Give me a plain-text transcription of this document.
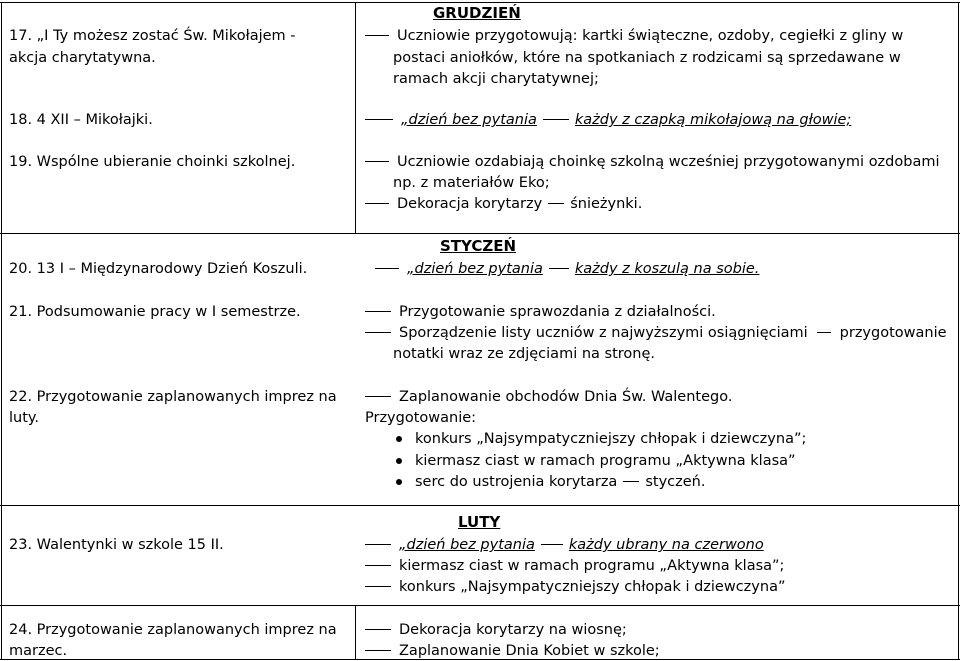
GRUDZIEŃ
17. „I Ty możesz zostać Św. Mikołajem -
akcja charytatywna.
18. 4 XII – Mikołajki.
19. Wspólne ubieranie choinki szkolnej.
Uczniowie przygotowują: kartki świąteczne, ozdoby, cegiełki z gliny w
postaci aniołków, które na spotkaniach z rodzicami są sprzedawane w
ramach akcji charytatywnej;
„dzień bez pytania	każdy z czapką mikołajową na głowie;
Uczniowie ozdabiają choinkę szkolną wcześniej przygotowanymi ozdobami
np. z materiałów Eko;
Dekoracja korytarzy śnieżynki.
STYCZEŃ
20. 13 I – Międzynarodowy Dzień Koszuli.
21. Podsumowanie pracy w I semestrze.
22. Przygotowanie zaplanowanych imprez na
luty.
„dzień bez pytania każdy z koszulą na sobie.
Przygotowanie sprawozdania z działalności.
Sporządzenie listy uczniów z najwyższymi osiągnięciami przygotowanie
notatki wraz ze zdjęciami na stronę.
Zaplanowanie obchodów Dnia Św. Walentego.
Przygotowanie:
konkurs „Najsympatyczniejszy chłopak i dziewczyna”;
kiermasz ciast w ramach programu „Aktywna klasa”
serc do ustrojenia korytarza styczeń.
LUTY
23. Walentynki w szkole 15 II.
24. Przygotowanie zaplanowanych imprez na
marzec.
„dzień bez pytania każdy ubrany na czerwono
kiermasz ciast w ramach programu „Aktywna klasa”;
konkurs „Najsympatyczniejszy chłopak i dziewczyna”
Dekoracja korytarzy na wiosnę;
Zaplanowanie Dnia Kobiet w szkole;
